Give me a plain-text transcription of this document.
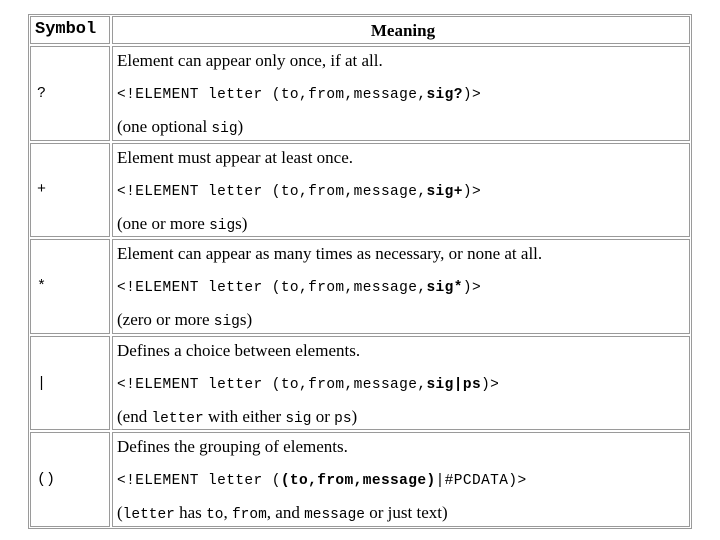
Symbol	Meaning
?
Element can appear only once, if at all.
<!ELEMENT letter (to,from,message,sig?)>
(one optional sig)
+
Element must appear at least once.
<!ELEMENT letter (to,from,message,sig+)>
(one or more sigs)
*
Element can appear as many times as necessary, or none at all.
<!ELEMENT letter (to,from,message,sig*)>
(zero or more sigs)
|
Defines a choice between elements.
<!ELEMENT letter (to,from,message,sig|ps)>
(end letter with either sig or ps)
()
Defines the grouping of elements.
<!ELEMENT letter ((to,from,message)|#PCDATA)>
(letter has to, from, and message or just text)
